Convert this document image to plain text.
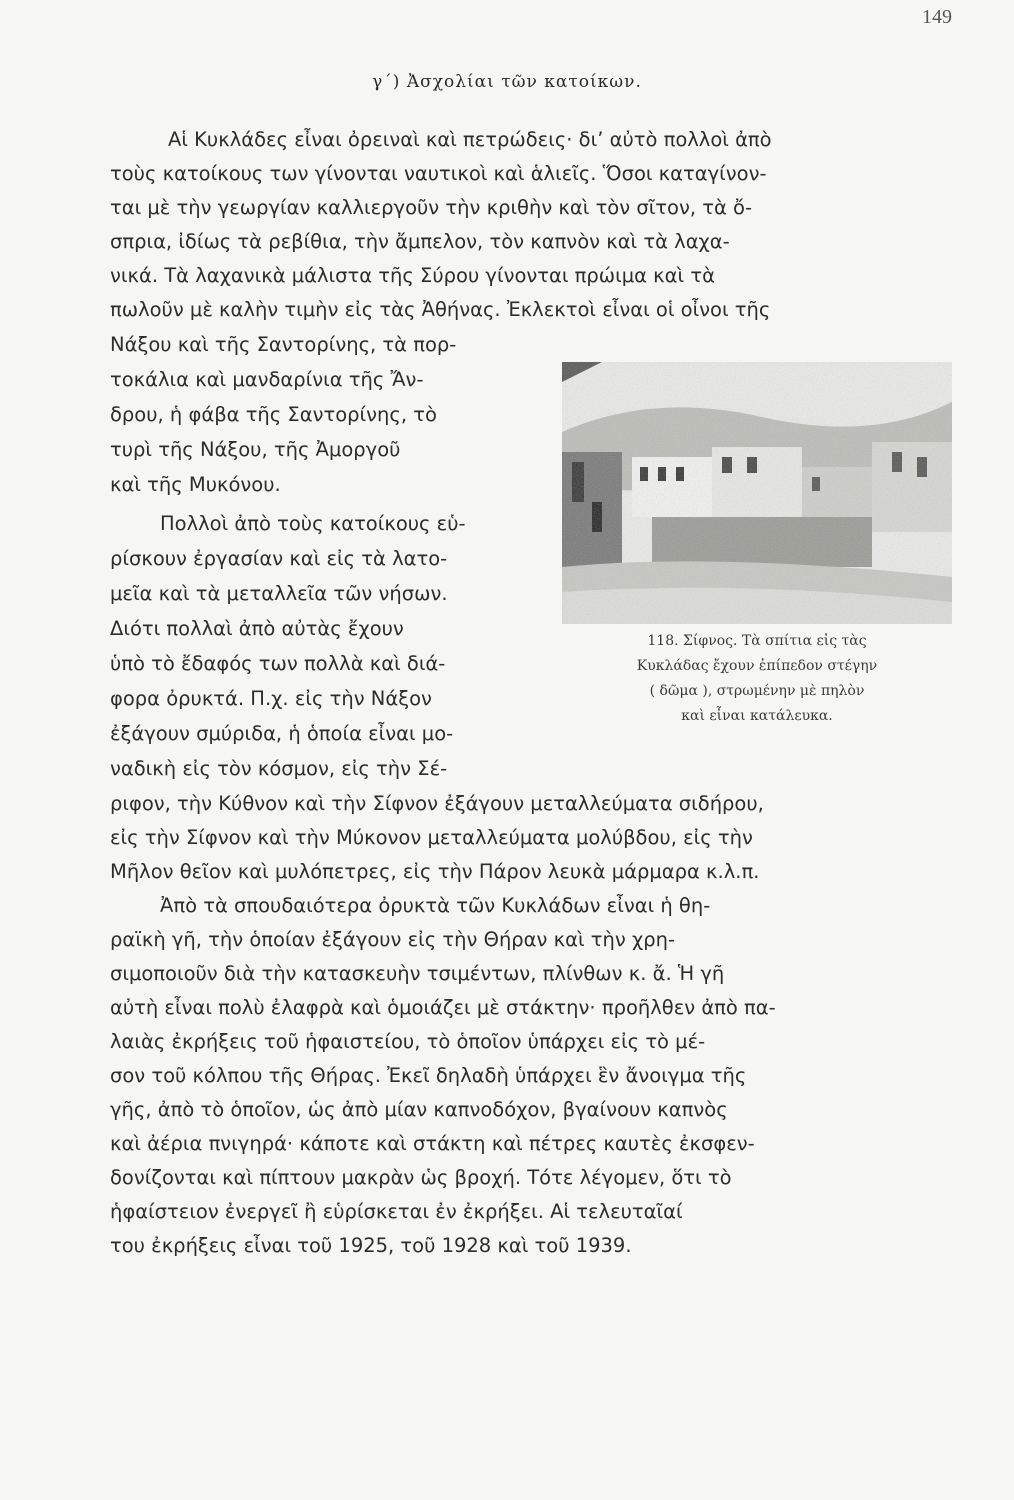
149
γ΄) Ἀσχολίαι τῶν κατοίκων.
Αἱ Κυκλάδες εἶναι ὀρειναὶ καὶ πετρώδεις· δι’ αὐτὸ πολλοὶ ἀπὸ
τοὺς κατοίκους των γίνονται ναυτικοὶ καὶ ἁλιεῖς. Ὅσοι καταγίνον-
ται μὲ τὴν γεωργίαν καλλιεργοῦν τὴν κριθὴν καὶ τὸν σῖτον, τὰ ὄ-
σπρια, ἰδίως τὰ ρεβίθια, τὴν ἄμπελον, τὸν καπνὸν καὶ τὰ λαχα-
νικά. Τὰ λαχανικὰ μάλιστα τῆς Σύρου γίνονται πρώιμα καὶ τὰ
πωλοῦν μὲ καλὴν τιμὴν εἰς τὰς Ἀθήνας. Ἐκλεκτοὶ εἶναι οἱ οἶνοι τῆς
Νάξου καὶ τῆς Σαντορίνης, τὰ πορ-
τοκάλια καὶ μανδαρίνια τῆς Ἄν-
δρου, ἡ φάβα τῆς Σαντορίνης, τὸ
τυρὶ τῆς Νάξου, τῆς Ἀμοργοῦ
καὶ τῆς Μυκόνου.
Πολλοὶ ἀπὸ τοὺς κατοίκους εὑ-
ρίσκουν ἐργασίαν καὶ εἰς τὰ λατο-
μεῖα καὶ τὰ μεταλλεῖα τῶν νήσων.
Διότι πολλαὶ ἀπὸ αὐτὰς ἔχουν
ὑπὸ τὸ ἔδαφός των πολλὰ καὶ διά-
φορα ὀρυκτά. Π.χ. εἰς τὴν Νάξον
ἐξάγουν σμύριδα, ἡ ὁποία εἶναι μο-
ναδικὴ εἰς τὸν κόσμον, εἰς τὴν Σέ-
ριφον, τὴν Κύθνον καὶ τὴν Σίφνον ἐξάγουν μεταλλεύματα σιδήρου,
εἰς τὴν Σίφνον καὶ τὴν Μύκονον μεταλλεύματα μολύβδου, εἰς τὴν
Μῆλον θεῖον καὶ μυλόπετρες, εἰς τὴν Πάρον λευκὰ μάρμαρα κ.λ.π.
Ἀπὸ τὰ σπουδαιότερα ὀρυκτὰ τῶν Κυκλάδων εἶναι ἡ θη-
ραϊκὴ γῆ, τὴν ὁποίαν ἐξάγουν εἰς τὴν Θήραν καὶ τὴν χρη-
σιμοποιοῦν διὰ τὴν κατασκευὴν τσιμέντων, πλίνθων κ. ἄ. Ἡ γῆ
αὐτὴ εἶναι πολὺ ἐλαφρὰ καὶ ὁμοιάζει μὲ στάκτην· προῆλθεν ἀπὸ πα-
λαιὰς ἐκρήξεις τοῦ ἡφαιστείου, τὸ ὁποῖον ὑπάρχει εἰς τὸ μέ-
σον τοῦ κόλπου τῆς Θήρας. Ἐκεῖ δηλαδὴ ὑπάρχει ἓν ἄνοιγμα τῆς
γῆς, ἀπὸ τὸ ὁποῖον, ὡς ἀπὸ μίαν καπνοδόχον, βγαίνουν καπνὸς
καὶ ἀέρια πνιγηρά· κάποτε καὶ στάκτη καὶ πέτρες καυτὲς ἐκσφεν-
δονίζονται καὶ πίπτουν μακρὰν ὡς βροχή. Τότε λέγομεν, ὅτι τὸ
ἡφαίστειον ἐνεργεῖ ἢ εὑρίσκεται ἐν ἐκρήξει. Αἱ τελευταῖαί
του ἐκρήξεις εἶναι τοῦ 1925, τοῦ 1928 καὶ τοῦ 1939.
118. Σίφνος. Τὰ σπίτια εἰς τὰς
Κυκλάδας ἔχουν ἐπίπεδον στέγην
( δῶμα ), στρωμένην μὲ πηλὸν
καὶ εἶναι κατάλευκα.
